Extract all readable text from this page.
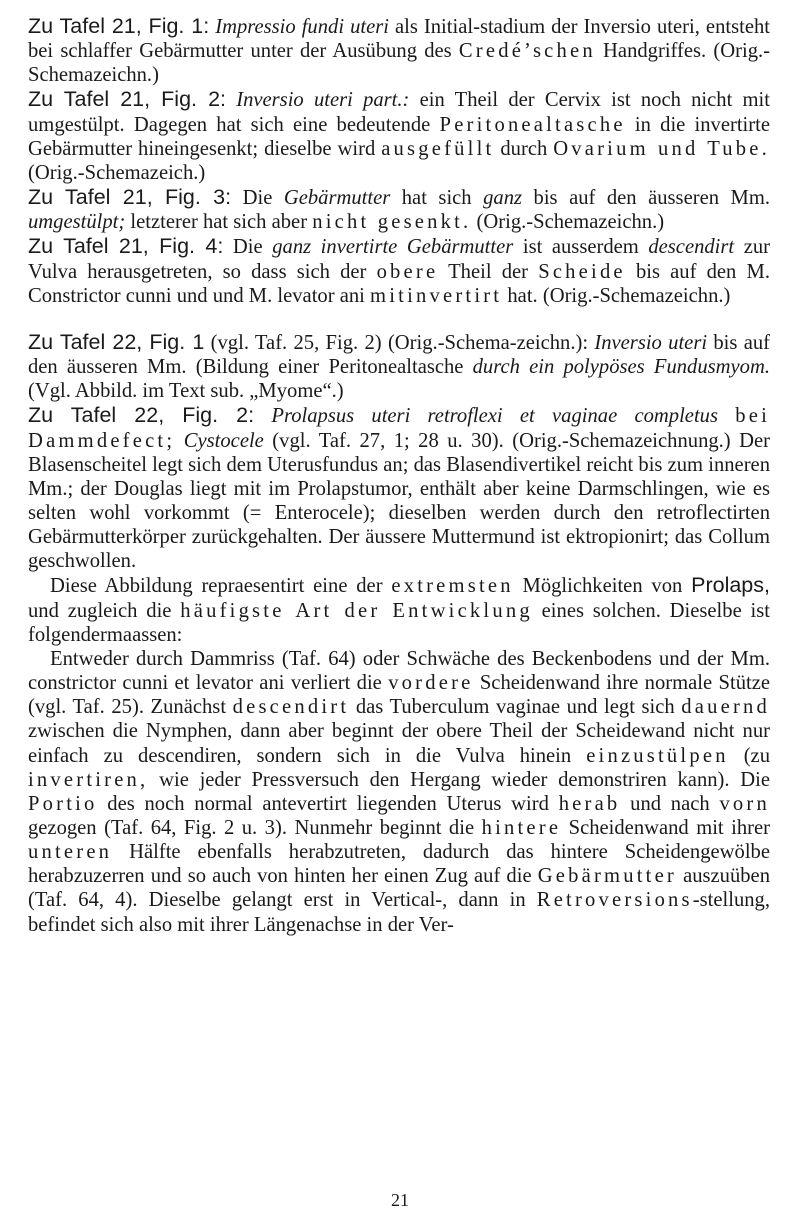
Zu Tafel 21, Fig. 1: Impressio fundi uteri als Initial-stadium der Inversio uteri, entsteht bei schlaffer Gebärmutter unter der Ausübung des Credé’schen Handgriffes. (Orig.-Schemazeichn.)

Zu Tafel 21, Fig. 2: Inversio uteri part.: ein Theil der Cervix ist noch nicht mit umgestülpt. Dagegen hat sich eine bedeutende Peritonealtasche in die invertirte Gebärmutter hineingesenkt; dieselbe wird ausgefüllt durch Ovarium und Tube. (Orig.-Schemazeich.)

Zu Tafel 21, Fig. 3: Die Gebärmutter hat sich ganz bis auf den äusseren Mm. umgestülpt; letzterer hat sich aber nicht gesenkt. (Orig.-Schemazeichn.)

Zu Tafel 21, Fig. 4: Die ganz invertirte Gebärmutter ist ausserdem descendirt zur Vulva herausgetreten, so dass sich der obere Theil der Scheide bis auf den M. Constrictor cunni und und M. levator ani mitinvertirt hat. (Orig.-Schemazeichn.)

Zu Tafel 22, Fig. 1 (vgl. Taf. 25, Fig. 2) (Orig.-Schema-zeichn.): Inversio uteri bis auf den äusseren Mm. (Bildung einer Peritonealtasche durch ein polypöses Fundusmyom. (Vgl. Abbild. im Text sub. „Myome“.)

Zu Tafel 22, Fig. 2: Prolapsus uteri retroflexi et vaginae completus bei Dammdefect; Cystocele (vgl. Taf. 27, 1; 28 u. 30). (Orig.-Schemazeichnung.) Der Blasenscheitel legt sich dem Uterusfundus an; das Blasendivertikel reicht bis zum inneren Mm.; der Douglas liegt mit im Prolapstumor, enthält aber keine Darmschlingen, wie es selten wohl vorkommt (= Enterocele); dieselben werden durch den retroflectirten Gebärmutterkörper zurückgehalten. Der äussere Muttermund ist ektropionirt; das Collum geschwollen.

Diese Abbildung repraesentirt eine der extremsten Möglichkeiten von Prolaps, und zugleich die häufigste Art der Entwicklung eines solchen. Dieselbe ist folgendermaassen:

Entweder durch Dammriss (Taf. 64) oder Schwäche des Beckenbodens und der Mm. constrictor cunni et levator ani verliert die vordere Scheidenwand ihre normale Stütze (vgl. Taf. 25). Zunächst descendirt das Tuberculum vaginae und legt sich dauernd zwischen die Nymphen, dann aber beginnt der obere Theil der Scheidewand nicht nur einfach zu descendiren, sondern sich in die Vulva hinein einzustülpen (zu invertiren, wie jeder Pressversuch den Hergang wieder demonstriren kann). Die Portio des noch normal antevertirt liegenden Uterus wird herab und nach vorn gezogen (Taf. 64, Fig. 2 u. 3). Nunmehr beginnt die hintere Scheidenwand mit ihrer unteren Hälfte ebenfalls herabzutreten, dadurch das hintere Scheidengewölbe herabzuzerren und so auch von hinten her einen Zug auf die Gebärmutter auszuüben (Taf. 64, 4). Dieselbe gelangt erst in Vertical-, dann in Retroversions-stellung, befindet sich also mit ihrer Längenachse in der Ver-

21
